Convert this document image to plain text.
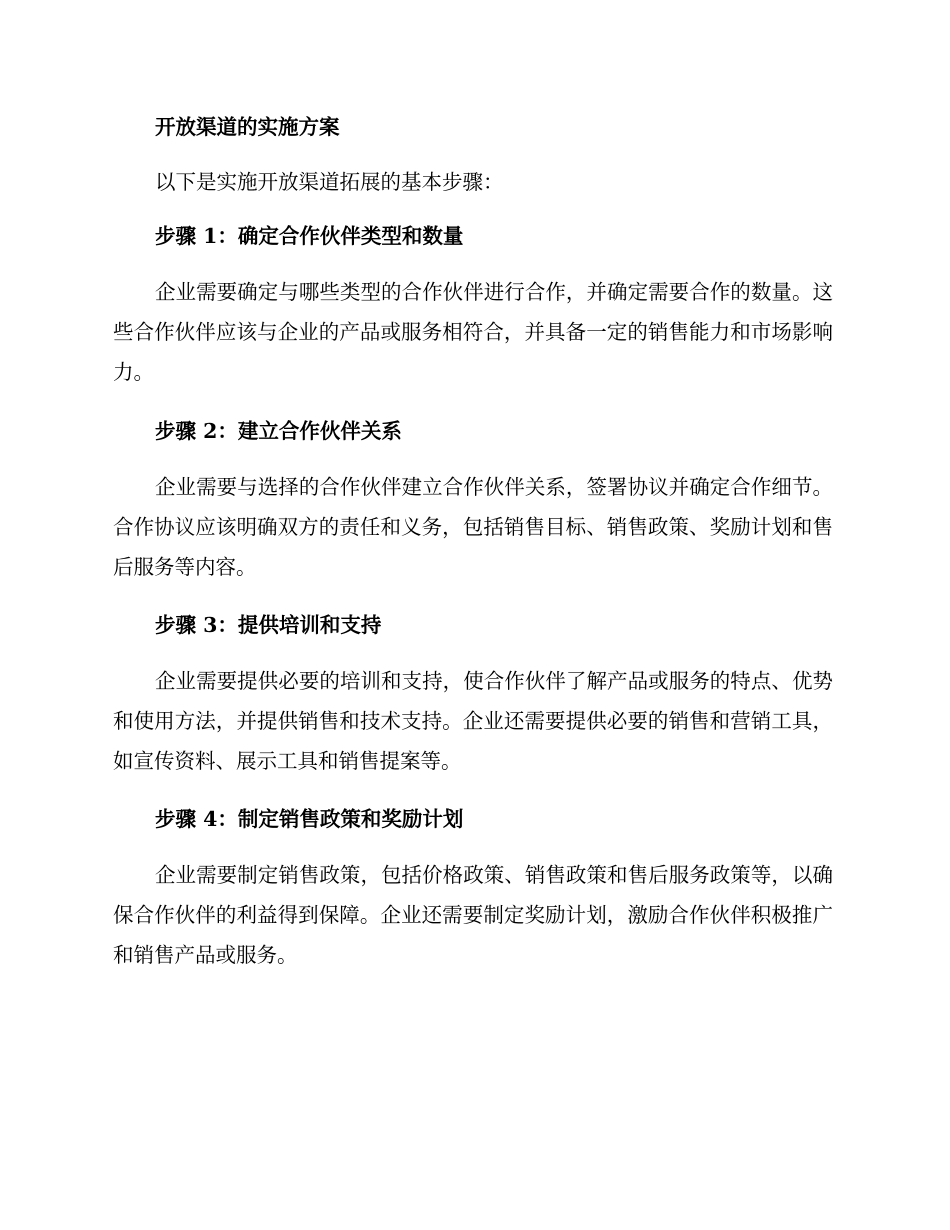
开放渠道的实施方案
以下是实施开放渠道拓展的基本步骤：
步骤 1：确定合作伙伴类型和数量
企业需要确定与哪些类型的合作伙伴进行合作，并确定需要合作的数量。这些合作伙伴应该与企业的产品或服务相符合，并具备一定的销售能力和市场影响力。
步骤 2：建立合作伙伴关系
企业需要与选择的合作伙伴建立合作伙伴关系，签署协议并确定合作细节。合作协议应该明确双方的责任和义务，包括销售目标、销售政策、奖励计划和售后服务等内容。
步骤 3：提供培训和支持
企业需要提供必要的培训和支持，使合作伙伴了解产品或服务的特点、优势和使用方法，并提供销售和技术支持。企业还需要提供必要的销售和营销工具，如宣传资料、展示工具和销售提案等。
步骤 4：制定销售政策和奖励计划
企业需要制定销售政策，包括价格政策、销售政策和售后服务政策等，以确保合作伙伴的利益得到保障。企业还需要制定奖励计划，激励合作伙伴积极推广和销售产品或服务。
